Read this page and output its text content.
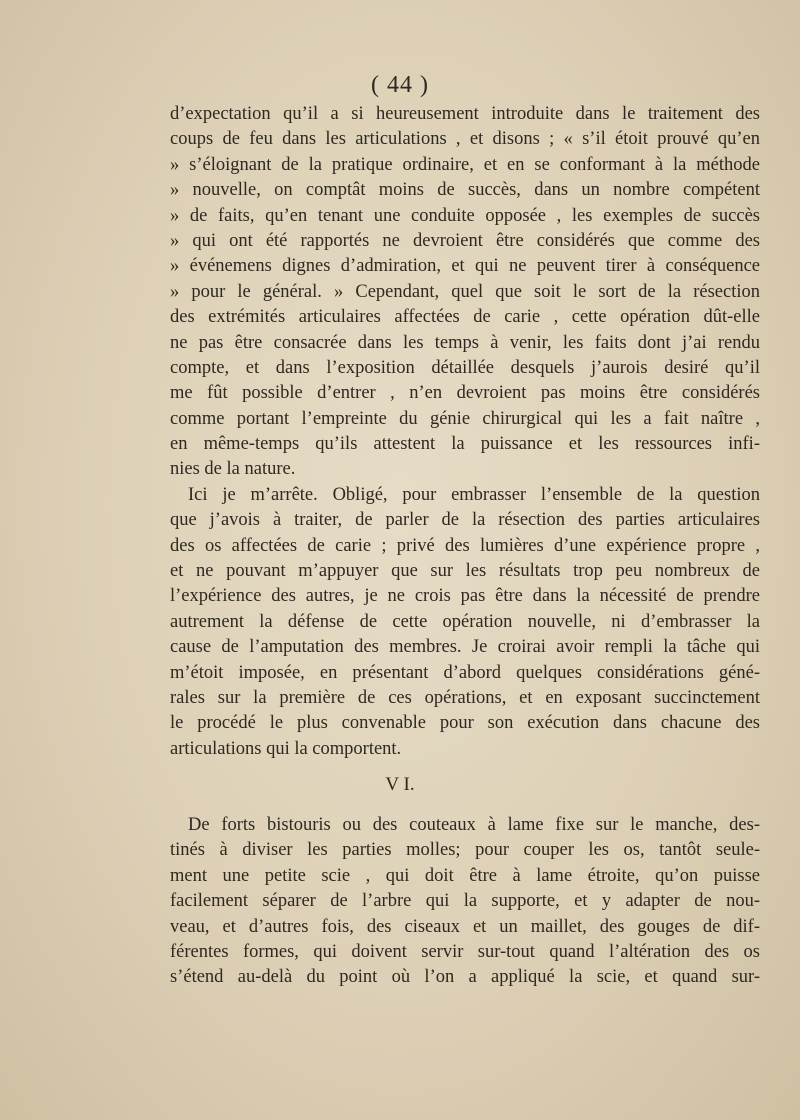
( 44 )
d’expectation qu’il a si heureusement introduite dans le traitement des
coups de feu dans les articulations , et disons ; « s’il étoit prouvé qu’en
» s’éloignant de la pratique ordinaire, et en se conformant à la méthode
» nouvelle, on comptât moins de succès, dans un nombre compétent
» de faits, qu’en tenant une conduite opposée , les exemples de succès
» qui ont été rapportés ne devroient être considérés que comme des
» événemens dignes d’admiration, et qui ne peuvent tirer à conséquence
» pour le général. » Cependant, quel que soit le sort de la résection
des extrémités articulaires affectées de carie , cette opération dût-elle
ne pas être consacrée dans les temps à venir, les faits dont j’ai rendu
compte, et dans l’exposition détaillée desquels j’aurois desiré qu’il
me fût possible d’entrer , n’en devroient pas moins être considérés
comme portant l’empreinte du génie chirurgical qui les a fait naître ,
en même-temps qu’ils attestent la puissance et les ressources infi-
nies de la nature.
Ici je m’arrête. Obligé, pour embrasser l’ensemble de la question
que j’avois à traiter, de parler de la résection des parties articulaires
des os affectées de carie ; privé des lumières d’une expérience propre ,
et ne pouvant m’appuyer que sur les résultats trop peu nombreux de
l’expérience des autres, je ne crois pas être dans la nécessité de prendre
autrement la défense de cette opération nouvelle, ni d’embrasser la
cause de l’amputation des membres. Je croirai avoir rempli la tâche qui
m’étoit imposée, en présentant d’abord quelques considérations géné-
rales sur la première de ces opérations, et en exposant succinctement
le procédé le plus convenable pour son exécution dans chacune des
articulations qui la comportent.
V I.
De forts bistouris ou des couteaux à lame fixe sur le manche, des-
tinés à diviser les parties molles; pour couper les os, tantôt seule-
ment une petite scie , qui doit être à lame étroite, qu’on puisse
facilement séparer de l’arbre qui la supporte, et y adapter de nou-
veau, et d’autres fois, des ciseaux et un maillet, des gouges de dif-
férentes formes, qui doivent servir sur-tout quand l’altération des os
s’étend au-delà du point où l’on a appliqué la scie, et quand sur-
